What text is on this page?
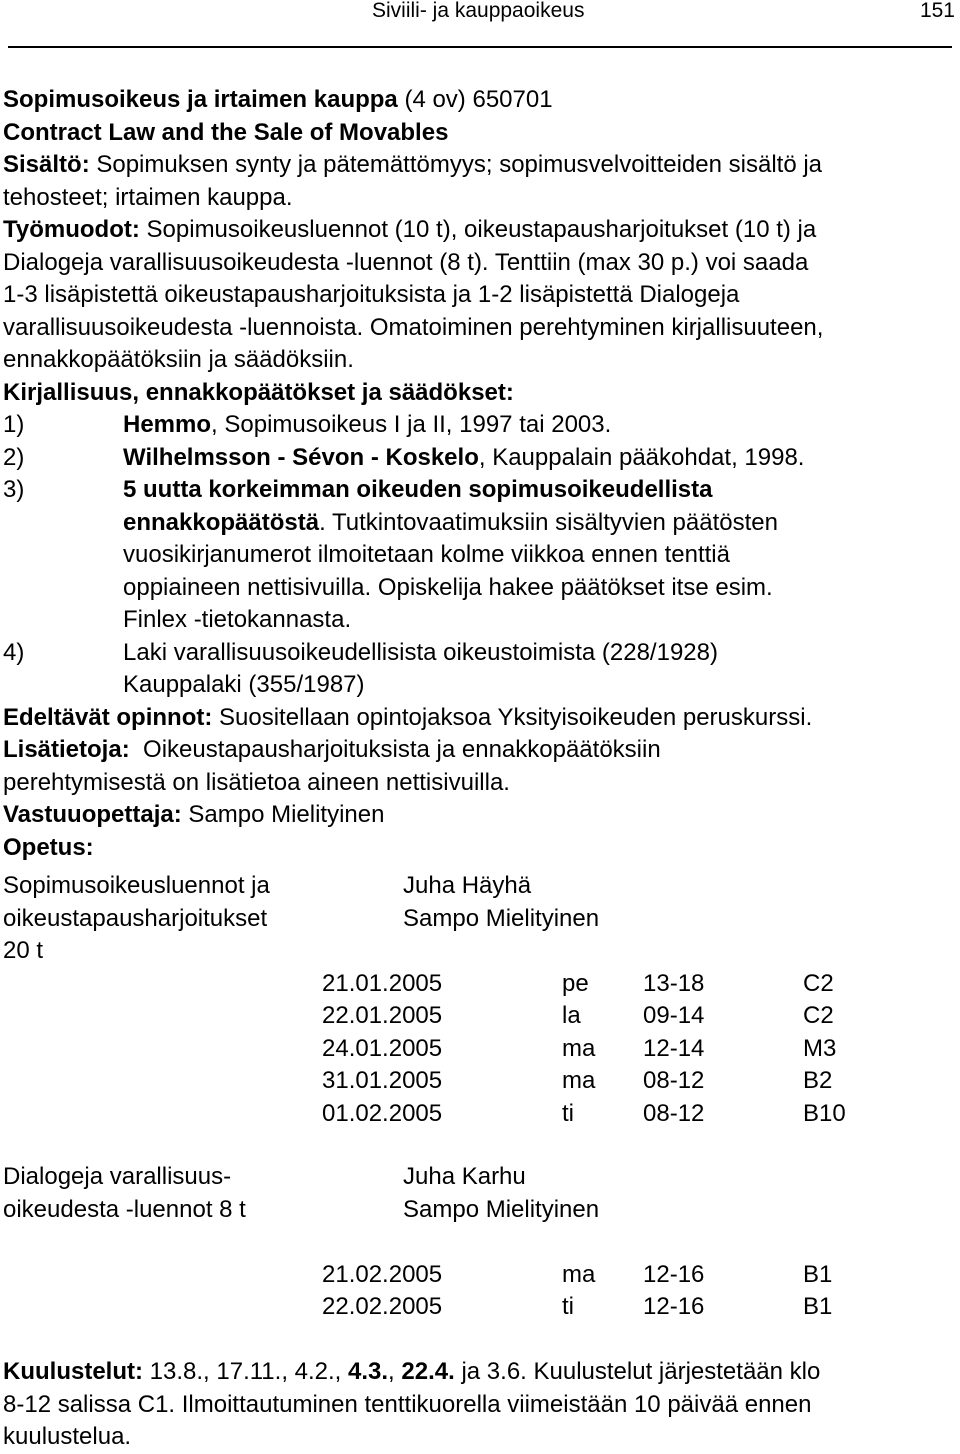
Siviili- ja kauppaoikeus	151
Sopimusoikeus ja irtaimen kauppa (4 ov) 650701
Contract Law and the Sale of Movables
Sisältö: Sopimuksen synty ja pätemättömyys; sopimusvelvoitteiden sisältö ja
tehosteet; irtaimen kauppa.
Työmuodot: Sopimusoikeusluennot (10 t), oikeustapausharjoitukset (10 t) ja
Dialogeja varallisuusoikeudesta -luennot (8 t). Tenttiin (max 30 p.) voi saada
1-3 lisäpistettä oikeustapausharjoituksista ja 1-2 lisäpistettä Dialogeja
varallisuusoikeudesta -luennoista. Omatoiminen perehtyminen kirjallisuuteen,
ennakkopäätöksiin ja säädöksiin.
Kirjallisuus, ennakkopäätökset ja säädökset:
1)	Hemmo, Sopimusoikeus I ja II, 1997 tai 2003.
2)	Wilhelmsson - Sévon - Koskelo, Kauppalain pääkohdat, 1998.
3)	5 uutta korkeimman oikeuden sopimusoikeudellista
ennakkopäätöstä. Tutkintovaatimuksiin sisältyvien päätösten
vuosikirjanumerot ilmoitetaan kolme viikkoa ennen tenttiä
oppiaineen nettisivuilla. Opiskelija hakee päätökset itse esim.
Finlex -tietokannasta.
4)	Laki varallisuusoikeudellisista oikeustoimista (228/1928)
Kauppalaki (355/1987)
Edeltävät opinnot: Suositellaan opintojaksoa Yksityisoikeuden peruskurssi.
Lisätietoja:  Oikeustapausharjoituksista ja ennakkopäätöksiin
perehtymisestä on lisätietoa aineen nettisivuilla.
Vastuuopettaja: Sampo Mielityinen
Opetus:
Sopimusoikeusluennot ja	Juha Häyhä
oikeustapausharjoitukset	Sampo Mielityinen
20 t
21.01.2005	pe 13-18	C2
22.01.2005	la	09-14	C2
24.01.2005	ma 12-14	M3
31.01.2005	ma 08-12	B2
01.02.2005	ti	08-12	B10
Dialogeja varallisuus-	Juha Karhu
oikeudesta -luennot 8 t	Sampo Mielityinen
21.02.2005	ma 12-16	B1
22.02.2005	ti	12-16	B1
Kuulustelut: 13.8., 17.11., 4.2., 4.3., 22.4. ja 3.6. Kuulustelut järjestetään klo
8-12 salissa C1. Ilmoittautuminen tenttikuorella viimeistään 10 päivää ennen
kuulustelua.
